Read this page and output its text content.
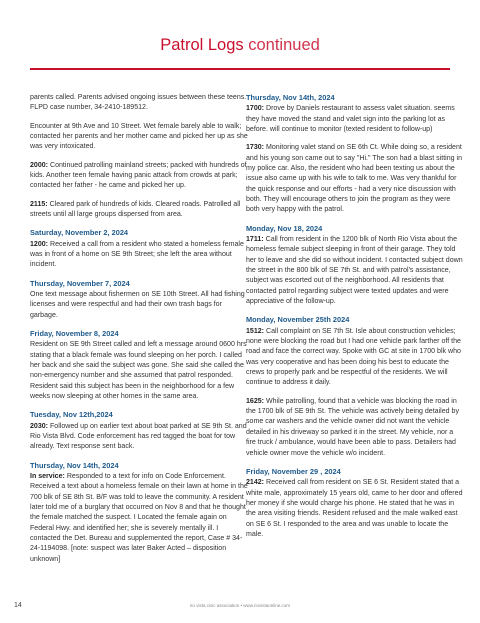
Patrol Logs continued

parents called. Parents advised ongoing issues between these teens. FLPD case number, 34-2410-189512.

Encounter at 9th Ave and 10 Street. Wet female barely able to walk; contacted her parents and her mother came and picked her up as she was very intoxicated.

2000: Continued patrolling mainland streets; packed with hundreds of kids. Another teen female having panic attack from crowds at park; contacted her father - he came and picked her up.

2115: Cleared park of hundreds of kids. Cleared roads. Patrolled all streets until all large groups dispersed from area.

Saturday, November 2, 2024

1200: Received a call from a resident who stated a homeless female was in front of a home on SE 9th Street; she left the area without incident.

Thursday, November 7, 2024

One text message about fishermen on SE 10th Street. All had fishing licenses and were respectful and had their own trash bags for garbage.

Friday, November 8, 2024

Resident on SE 9th Street called and left a message around 0600 hrs stating that a black female was found sleeping on her porch. I called her back and she said the subject was gone. She said she called the non-emergency number and she assumed that patrol responded. Resident said this subject has been in the neighborhood for a few weeks now sleeping at other homes in the same area.

Tuesday, Nov 12th,2024

2030: Followed up on earlier text about boat parked at SE 9th St. and Rio Vista Blvd. Code enforcement has red tagged the boat for tow already. Text response sent back.

Thursday, Nov 14th, 2024

In service: Responded to a text for info on Code Enforcement. Received a text about a homeless female on their lawn at home in the 700 blk of SE 8th St. B/F was told to leave the community. A resident later told me of a burglary that occurred on Nov 8 and that he thought the female matched the suspect. I Located the female again on Federal Hwy. and identified her; she is severely mentally ill. I contacted the Det. Bureau and supplemented the report, Case # 34-24-1194098. [note: suspect was later Baker Acted – disposition unknown]

Thursday, Nov 14th, 2024

1700: Drove by Daniels restaurant to assess valet situation. seems they have moved the stand and valet sign into the parking lot as before. will continue to monitor (texted resident to follow-up)

1730: Monitoring valet stand on SE 6th Ct. While doing so, a resident and his young son came out to say "Hi." The son had a blast sitting in my police car. Also, the resident who had been texting us about the issue also came up with his wife to talk to me. Was very thankful for the quick response and our efforts - had a very nice discussion with both. They will encourage others to join the program as they were both very happy with the patrol.

Monday, Nov 18, 2024

1711: Call from resident in the 1200 blk of North Rio Vista about the homeless female subject sleeping in front of their garage. They told her to leave and she did so without incident. I contacted subject down the street in the 800 blk of SE 7th St. and with patrol's assistance, subject was escorted out of the neighborhood. All residents that contacted patrol regarding subject were texted updates and were appreciative of the follow-up.

Monday, November 25th 2024

1512: Call complaint on SE 7th St. Isle about construction vehicles; none were blocking the road but I had one vehicle park farther off the road and face the correct way. Spoke with GC at site in 1700 blk who was very cooperative and has been doing his best to educate the crews to properly park and be respectful of the residents. We will continue to address it daily.

1625: While patrolling, found that a vehicle was blocking the road in the 1700 blk of SE 9th St. The vehicle was actively being detailed by some car washers and the vehicle owner did not want the vehicle detailed in his driveway so parked it in the street. My vehicle, nor a fire truck / ambulance, would have been able to pass. Detailers had vehicle owner move the vehicle w/o incident.

Friday, November 29 , 2024

2142: Received call from resident on SE 6 St. Resident stated that a white male, approximately 15 years old, came to her door and offered her money if she would charge his phone. He stated that he was in the area visiting friends. Resident refused and the male walked east on SE 6 St. I responded to the area and was unable to locate the male.

14	rio vista civic association • www.riovistaonline.com
